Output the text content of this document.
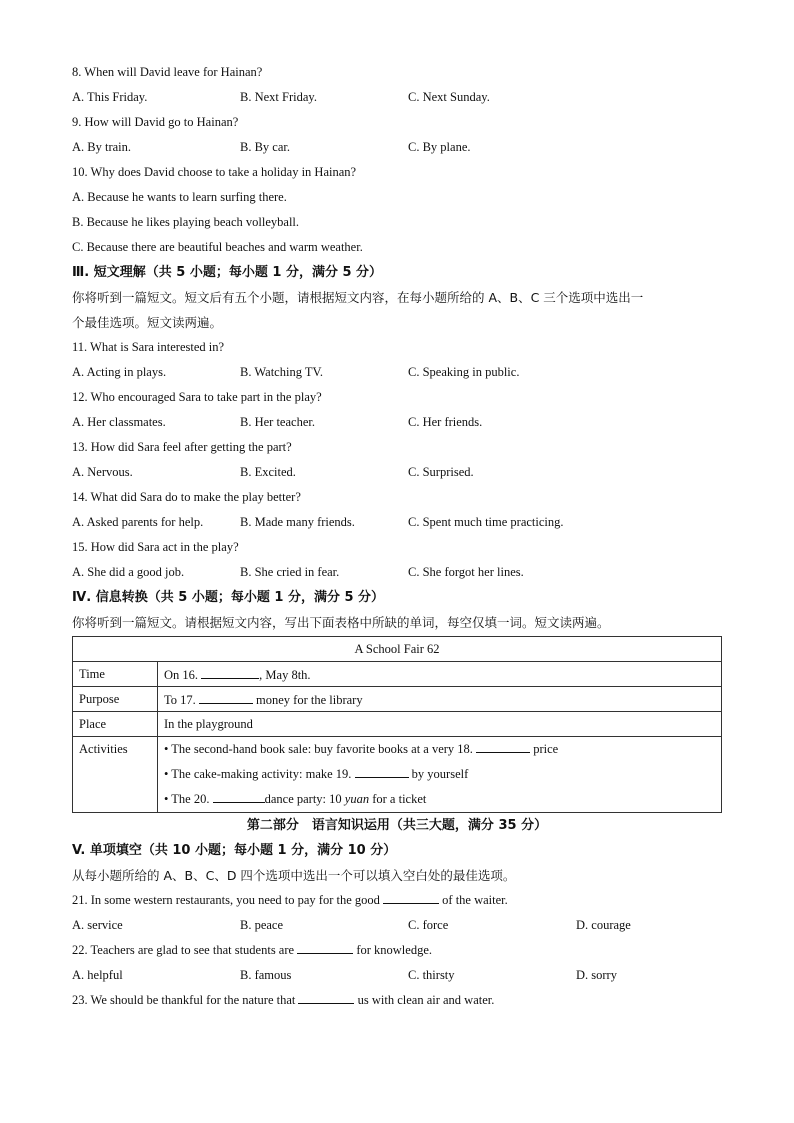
8. When will David leave for Hainan?
A. This Friday.	B. Next Friday.	C. Next Sunday.
9. How will David go to Hainan?
A. By train.	B. By car.	C. By plane.
10. Why does David choose to take a holiday in Hainan?
A. Because he wants to learn surfing there.
B. Because he likes playing beach volleyball.
C. Because there are beautiful beaches and warm weather.
Ⅲ. 短文理解（共 5 小题；每小题 1 分，满分 5 分）
你将听到一篇短文。短文后有五个小题，请根据短文内容，在每小题所给的 A、B、C 三个选项中选出一
个最佳选项。短文读两遍。
11. What is Sara interested in?
A. Acting in plays.	B. Watching TV.	C. Speaking in public.
12. Who encouraged Sara to take part in the play?
A. Her classmates.	B. Her teacher.	C. Her friends.
13. How did Sara feel after getting the part?
A. Nervous.	B. Excited.	C. Surprised.
14. What did Sara do to make the play better?
A. Asked parents for help.	B. Made many friends.	C. Spent much time practicing.
15. How did Sara act in the play?
A. She did a good job.	B. She cried in fear.	C. She forgot her lines.
Ⅳ. 信息转换（共 5 小题；每小题 1 分，满分 5 分）
你将听到一篇短文。请根据短文内容，写出下面表格中所缺的单词，每空仅填一词。短文读两遍。
A School Fair 62	
Time	On 16. , May 8th.
Purpose	To 17. money for the library
Place	In the playground

Activities	• The second-hand book sale: buy favorite books at a very 18. price
• The cake-making activity: make 19. by yourself
• The 20. dance party: 10 yuan for a ticket
第二部分　语言知识运用（共三大题，满分 35 分）
V. 单项填空（共 10 小题；每小题 1 分，满分 10 分）
从每小题所给的 A、B、C、D 四个选项中选出一个可以填入空白处的最佳选项。
21. In some western restaurants, you need to pay for the good	of the waiter.
A. service	B. peace	C. force	D. courage
22. Teachers are glad to see that students are	for knowledge.
A. helpful	B. famous	C. thirsty	D. sorry
23. We should be thankful for the nature that	us with clean air and water.
